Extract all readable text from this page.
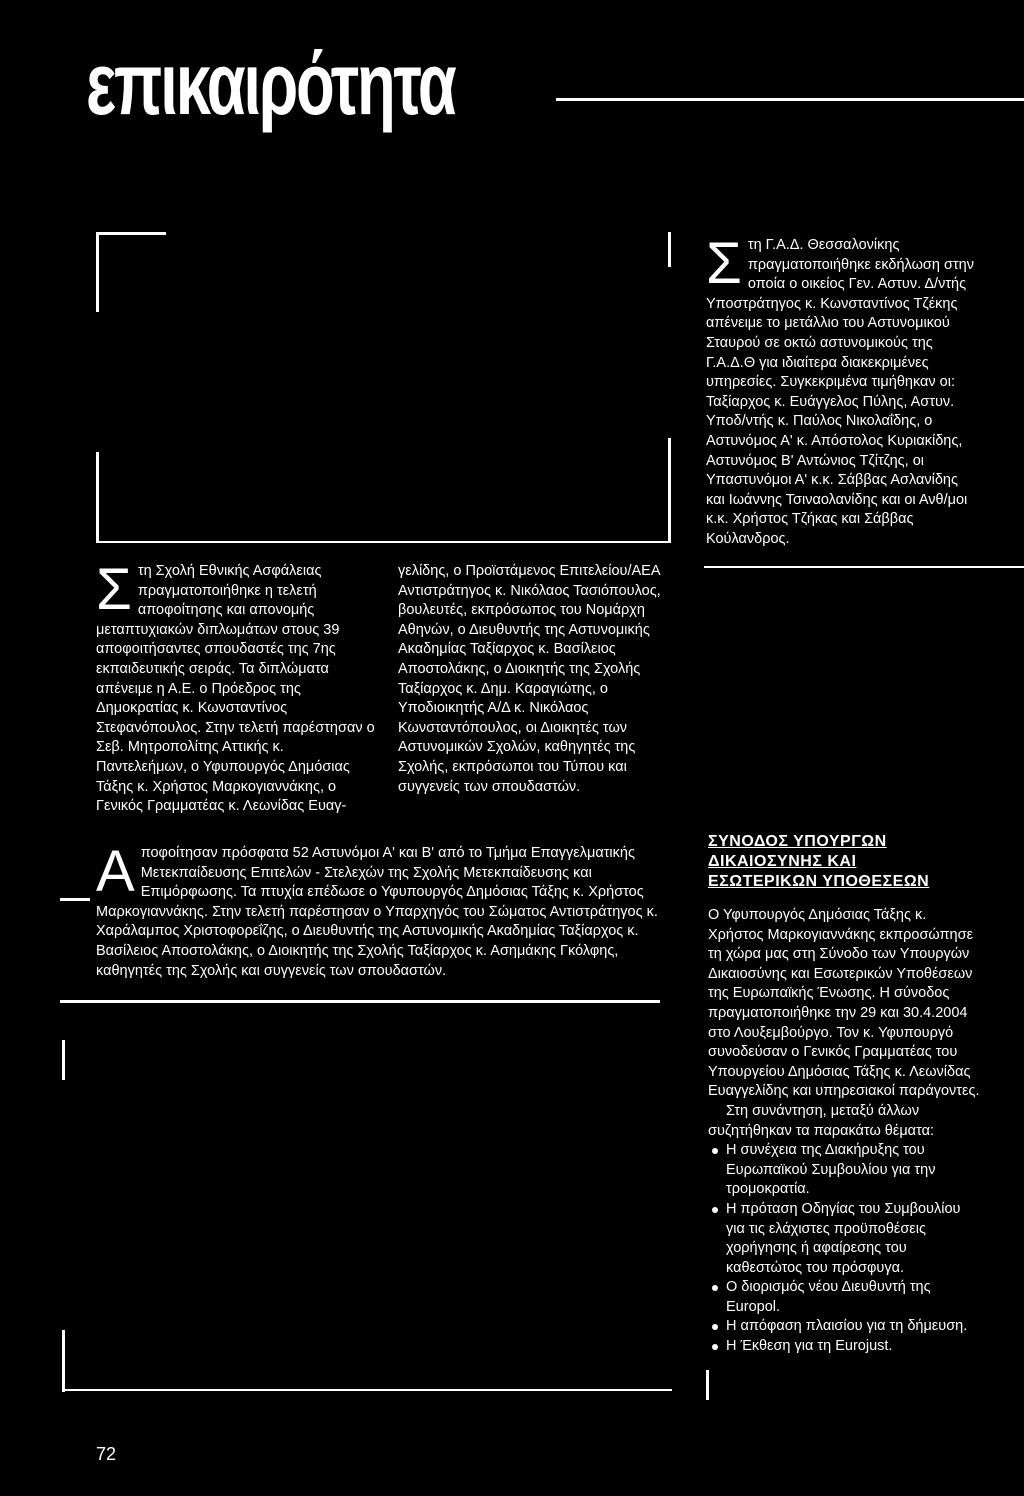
επικαιρότητα
Σ τη Σχολή Εθνικής Ασφάλειας πραγματοποιήθηκε η τελετή αποφοίτησης και απονομής μεταπτυχιακών διπλωμάτων στους 39 αποφοιτήσαντες σπουδαστές της 7ης εκπαιδευτικής σειράς. Τα διπλώματα απένειμε η Α.Ε. ο Πρόεδρος της Δημοκρατίας κ. Κωνσταντίνος Στεφανόπουλος. Στην τελετή παρέστησαν ο Σεβ. Μητροπολίτης Αττικής κ. Παντελεήμων, ο Υφυπουργός Δημόσιας Τάξης κ. Χρήστος Μαρκογιαννάκης, ο Γενικός Γραμματέας κ. Λεωνίδας Ευαγ-
γελίδης, ο Προϊστάμενος Επιτελείου/ΑΕΑ Αντιστράτηγος κ. Νικόλαος Τασιόπουλος, βουλευτές, εκπρόσωπος του Νομάρχη Αθηνών, ο Διευθυντής της Αστυνομικής Ακαδημίας Ταξίαρχος κ. Βασίλειος Αποστολάκης, ο Διοικητής της Σχολής Ταξίαρχος κ. Δημ. Καραγιώτης, ο Υποδιοικητής Α/Δ κ. Νικόλαος Κωνσταντόπουλος, οι Διοικητές των Αστυνομικών Σχολών, καθηγητές της Σχολής, εκπρόσωποι του Τύπου και συγγενείς των σπουδαστών.
Σ τη Γ.Α.Δ. Θεσσαλονίκης πραγματοποιήθηκε εκδήλωση στην οποία ο οικείος Γεν. Αστυν. Δ/ντής Υποστράτηγος κ. Κωνσταντίνος Τζέκης απένειμε το μετάλλιο του Αστυνομικού Σταυρού σε οκτώ αστυνομικούς της Γ.Α.Δ.Θ για ιδιαίτερα διακεκριμένες υπηρεσίες. Συγκεκριμένα τιμήθηκαν οι: Ταξίαρχος κ. Ευάγγελος Πύλης, Αστυν. Υποδ/ντής κ. Παύλος Νικολαΐδης, ο Αστυνόμος Α' κ. Απόστολος Κυριακίδης, Αστυνόμος Β' Αντώνιος Τζίτζης, οι Υπαστυνόμοι Α' κ.κ. Σάββας Ασλανίδης και Ιωάννης Τσιναολανίδης και οι Ανθ/μοι κ.κ. Χρήστος Τζήκας και Σάββας Κούλανδρος.
Α ποφοίτησαν πρόσφατα 52 Αστυνόμοι Α' και Β' από το Τμήμα Επαγγελματικής Μετεκπαίδευσης Επιτελών - Στελεχών της Σχολής Μετεκπαίδευσης και Επιμόρφωσης. Τα πτυχία επέδωσε ο Υφυπουργός Δημόσιας Τάξης κ. Χρήστος Μαρκογιαννάκης. Στην τελετή παρέστησαν ο Υπαρχηγός του Σώματος Αντιστράτηγος κ. Χαράλαμπος Χριστοφορεΐζης, ο Διευθυντής της Αστυνομικής Ακαδημίας Ταξίαρχος κ. Βασίλειος Αποστολάκης, ο Διοικητής της Σχολής Ταξίαρχος κ. Ασημάκης Γκόλφης, καθηγητές της Σχολής και συγγενείς των σπουδαστών.
ΣΥΝΟΔΟΣ ΥΠΟΥΡΓΩΝ
ΔΙΚΑΙΟΣΥΝΗΣ ΚΑΙ
ΕΣΩΤΕΡΙΚΩΝ ΥΠΟΘΕΣΕΩΝ
Ο Υφυπουργός Δημόσιας Τάξης κ. Χρήστος Μαρκογιαννάκης εκπροσώπησε τη χώρα μας στη Σύνοδο των Υπουργών Δικαιοσύνης και Εσωτερικών Υποθέσεων της Ευρωπαϊκής Ένωσης. Η σύνοδος πραγματοποιήθηκε την 29 και 30.4.2004 στο Λουξεμβούργο. Τον κ. Υφυπουργό συνοδεύσαν ο Γενικός Γραμματέας του Υπουργείου Δημόσιας Τάξης κ. Λεωνίδας Ευαγγελίδης και υπηρεσιακοί παράγοντες.
Στη συνάντηση, μεταξύ άλλων συζητήθηκαν τα παρακάτω θέματα:
Η συνέχεια της Διακήρυξης του Ευρωπαϊκού Συμβουλίου για την τρομοκρατία.
Η πρόταση Οδηγίας του Συμβουλίου για τις ελάχιστες προϋποθέσεις χορήγησης ή αφαίρεσης του καθεστώτος του πρόσφυγα.
Ο διορισμός νέου Διευθυντή της Europol.
Η απόφαση πλαισίου για τη δήμευση.
Η Έκθεση για τη Eurojust.
72
